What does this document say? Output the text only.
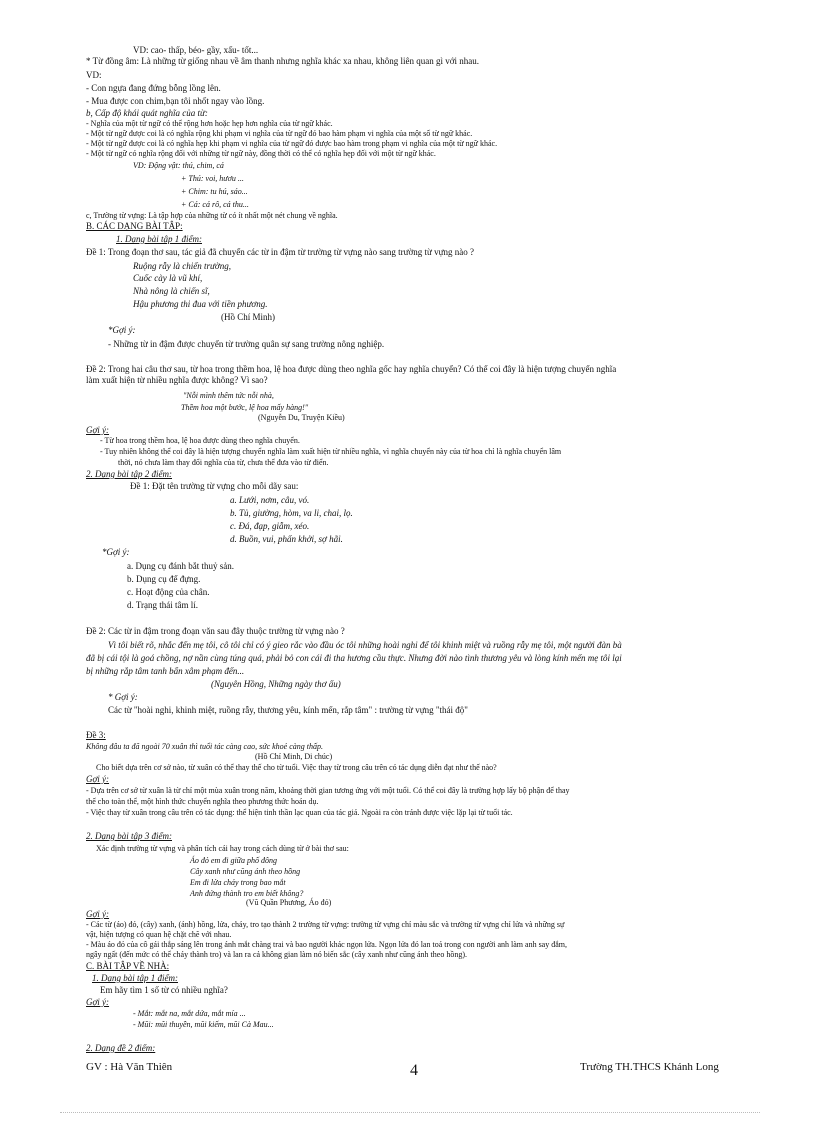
VD: cao- thấp, béo- gầy, xấu- tốt...
* Từ đồng âm: Là những từ giống nhau về âm thanh nhưng nghĩa khác xa nhau, không liên quan gì với nhau.
VD:
- Con ngựa đang đứng bỗng lồng lên.
- Mua được con chim,bạn tôi nhốt ngay vào lồng.
b, Cấp độ khái quát nghĩa của từ:
- Nghĩa của một từ ngữ có thể rộng hơn hoặc hẹp hơn nghĩa của từ ngữ khác.
- Một từ ngữ được coi là có nghĩa rộng khi phạm vi nghĩa của từ ngữ đó bao hàm phạm vi nghĩa của một số từ ngữ khác.
- Một từ ngữ được coi là có nghĩa hẹp khi phạm vi nghĩa của từ ngữ đó được bao hàm trong phạm vi nghĩa của một từ ngữ khác.
- Một từ ngữ có nghĩa rộng đối với những từ ngữ này, đồng thời có thể có nghĩa hẹp đối với một từ ngữ khác.
VD: Động vật: thú, chim, cá
+ Thú: voi, hươu ...
+ Chim: tu hú, sáo...
+ Cá: cá rô, cá thu...
c, Trường từ vựng: Là tập hợp của những từ có ít nhất một nét chung về nghĩa.
B. CÁC DẠNG BÀI TẬP:
1. Dạng bài tập 1 điểm:
Đề 1: Trong đoạn thơ sau, tác giả đã chuyển các từ in đậm từ trường từ vựng nào sang trường từ vựng nào ?
Ruộng rẫy là chiến trường,
Cuốc cày là vũ khí,
Nhà nông là chiến sĩ,
Hậu phương thi đua với tiền phương.
(Hồ Chí Minh)
*Gợi ý:
- Những từ in đậm được chuyển từ trường quân sự sang trường nông nghiệp.
Đề 2: Trong hai câu thơ sau, từ hoa trong thềm hoa, lệ hoa được dùng theo nghĩa gốc hay nghĩa chuyển? Có thể coi đây là hiện tượng chuyển nghĩa
làm xuất hiện từ nhiều nghĩa được không? Vì sao?
"Nỗi mình thêm tức nỗi nhà,
Thềm hoa một bước, lệ hoa mấy hàng!"
(Nguyễn Du, Truyện Kiều)
Gợi ý:
- Từ hoa trong thềm hoa, lệ hoa được dùng theo nghĩa chuyển.
- Tuy nhiên không thể coi đây là hiện tượng chuyển nghĩa làm xuất hiện từ nhiều nghĩa, vì nghĩa chuyển này của từ hoa chỉ là nghĩa chuyển lâm
thời, nó chưa làm thay đổi nghĩa của từ, chưa thể đưa vào từ điển.
2. Dạng bài tập 2 điểm:
Đề 1: Đặt tên trường từ vựng cho mỗi dãy sau:
a. Lưới, nơm, câu, vó.
b. Tủ, giường, hòm, va li, chai, lọ.
c. Đá, đạp, giẫm, xéo.
d. Buồn, vui, phấn khởi, sợ hãi.
*Gợi ý:
a. Dụng cụ đánh bắt thuỷ sản.
b. Dụng cụ để đựng.
c. Hoạt động của chân.
d. Trạng thái tâm lí.
Đề 2: Các từ in đậm trong đoạn văn sau đây thuộc trường từ vựng nào ?
Vì tôi biết rõ, nhắc đến mẹ tôi, cô tôi chỉ có ý gieo rắc vào đầu óc tôi những hoài nghi để tôi khinh miệt và ruồng rẫy mẹ tôi, một người đàn bà
đã bị cái tội là goá chồng, nợ nần cùng túng quá, phải bỏ con cái đi tha hương cầu thực. Nhưng đời nào tình thương yêu và lòng kính mến mẹ tôi lại
bị những rắp tâm tanh bẩn xâm phạm đến...
(Nguyên Hồng, Những ngày thơ ấu)
* Gợi ý:
Các từ "hoài nghi, khinh miệt, ruồng rẫy, thương yêu, kính mến, rắp tâm" : trường từ vựng "thái độ"
Đề 3:
Không đâu ta đã ngoài 70 xuân thì tuổi tác càng cao, sức khoẻ càng thấp.
(Hồ Chí Minh, Di chúc)
Cho biết dựa trên cơ sở nào, từ xuân có thể thay thế cho từ tuổi. Việc thay từ trong câu trên có tác dụng diễn đạt như thế nào?
Gợi ý:
- Dựa trên cơ sở từ xuân là từ chỉ một mùa xuân trong năm, khoảng thời gian tương ứng với một tuổi. Có thể coi đây là trường hợp lấy bộ phận để thay
thế cho toàn thể, một hình thức chuyển nghĩa theo phương thức hoán dụ.
- Việc thay từ xuân trong câu trên có tác dụng: thể hiện tinh thần lạc quan của tác giả. Ngoài ra còn tránh được việc lặp lại từ tuổi tác.
2. Dạng bài tập 3 điểm:
Xác định trường từ vựng và phân tích cái hay trong cách dùng từ ở bài thơ sau:
Áo đỏ em đi giữa phố đông
Cây xanh như cũng ánh theo hồng
Em đi lửa cháy trong bao mắt
Anh đứng thành tro em biết không?
(Vũ Quần Phương, Áo đỏ)
Gợi ý:
- Các từ (áo) đỏ, (cây) xanh, (ánh) hồng, lửa, cháy, tro tạo thành 2 trường từ vựng: trường từ vựng chỉ màu sắc và trường từ vựng chỉ lửa và những sự
vật, hiện tượng có quan hệ chặt chẽ với nhau.
- Màu áo đỏ của cô gái thắp sáng lên trong ánh mắt chàng trai và bao người khác ngọn lửa. Ngọn lửa đó lan toả trong con người anh làm anh say đắm,
ngây ngất (đến mức có thể cháy thành tro) và lan ra cả không gian làm nó biến sắc (cây xanh như cũng ánh theo hồng).
C. BÀI TẬP VỀ NHÀ:
1. Dạng bài tập 1 điểm:
Em hãy tìm 1 số từ có nhiều nghĩa?
Gợi ý:
- Mắt: mắt na, mắt dứa, mắt mía ...
- Mũi: mũi thuyền, mũi kiếm, mũi Cà Mau...
2. Dạng đề 2 điểm:
GV : Hà Văn Thiên	4	Trường TH.THCS Khánh Long
